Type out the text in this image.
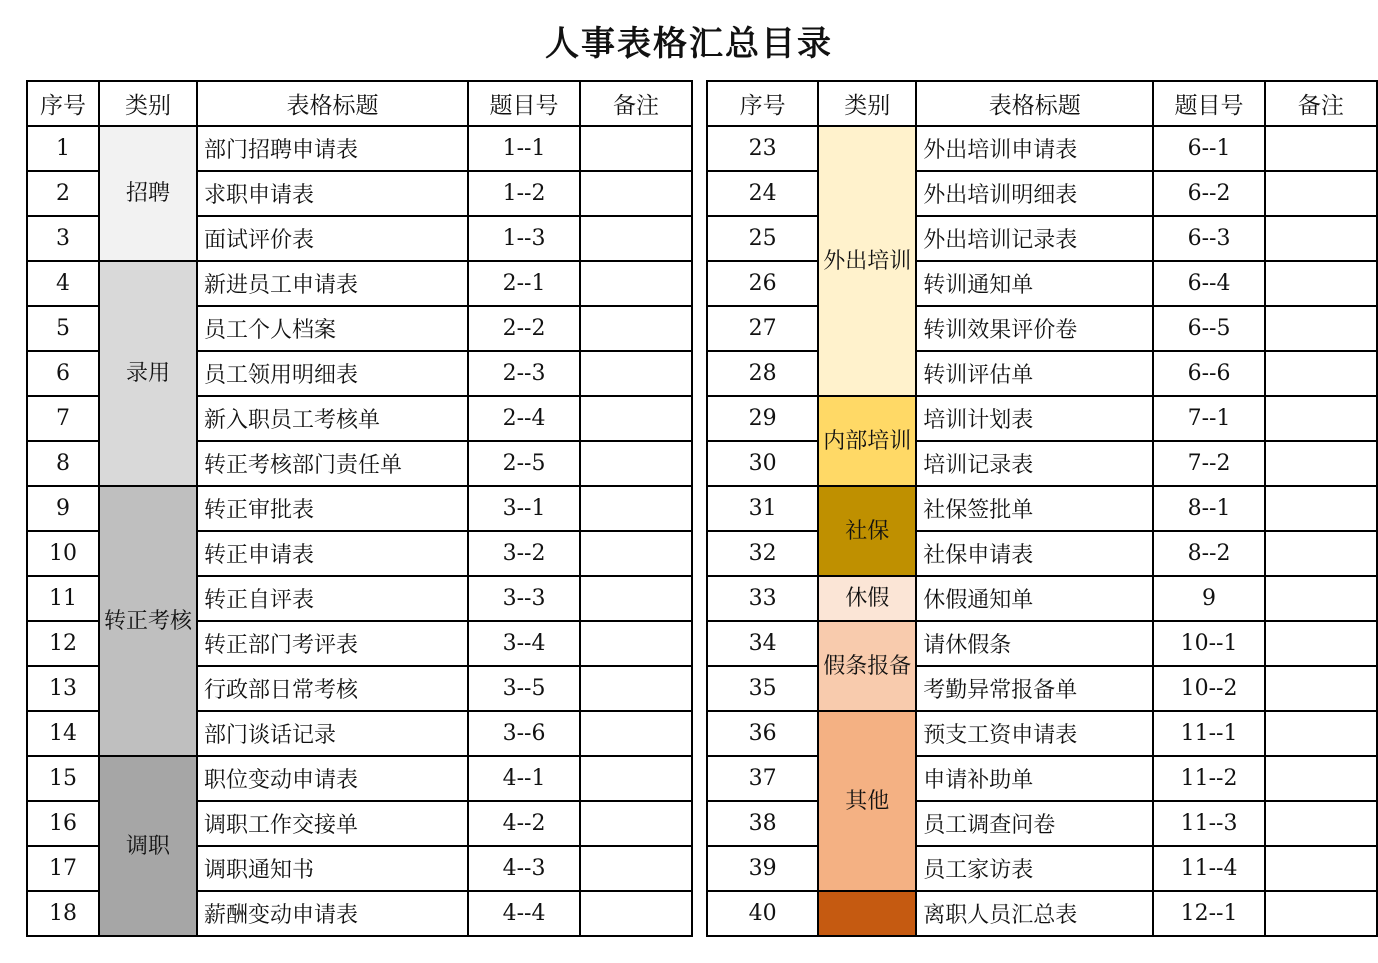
人事表格汇总目录
序号	类别	表格标题	题目号	备注
1	招聘	部门招聘申请表	1--1	
2		求职申请表	1--2	
3		面试评价表	1--3	
4	录用	新进员工申请表	2--1	
5		员工个人档案	2--2	
6		员工领用明细表	2--3	
7		新入职员工考核单	2--4	
8		转正考核部门责任单	2--5	
9	转正考核	转正审批表	3--1	
10		转正申请表	3--2	
11		转正自评表	3--3	
12		转正部门考评表	3--4	
13		行政部日常考核	3--5	
14		部门谈话记录	3--6	
15	调职	职位变动申请表	4--1	
16		调职工作交接单	4--2	
17		调职通知书	4--3	
18		薪酬变动申请表	4--4	
序号	类别	表格标题	题目号	备注
23	外出培训	外出培训申请表	6--1	
24		外出培训明细表	6--2	
25		外出培训记录表	6--3	
26		转训通知单	6--4	
27		转训效果评价卷	6--5	
28		转训评估单	6--6	
29	内部培训	培训计划表	7--1	
30		培训记录表	7--2	
31	社保	社保签批单	8--1	
32		社保申请表	8--2	
33	休假	休假通知单	9	
34	假条报备	请休假条	10--1	
35		考勤异常报备单	10--2	
36	其他	预支工资申请表	11--1	
37		申请补助单	11--2	
38		员工调查问卷	11--3	
39		员工家访表	11--4	
40		离职人员汇总表	12--1	
